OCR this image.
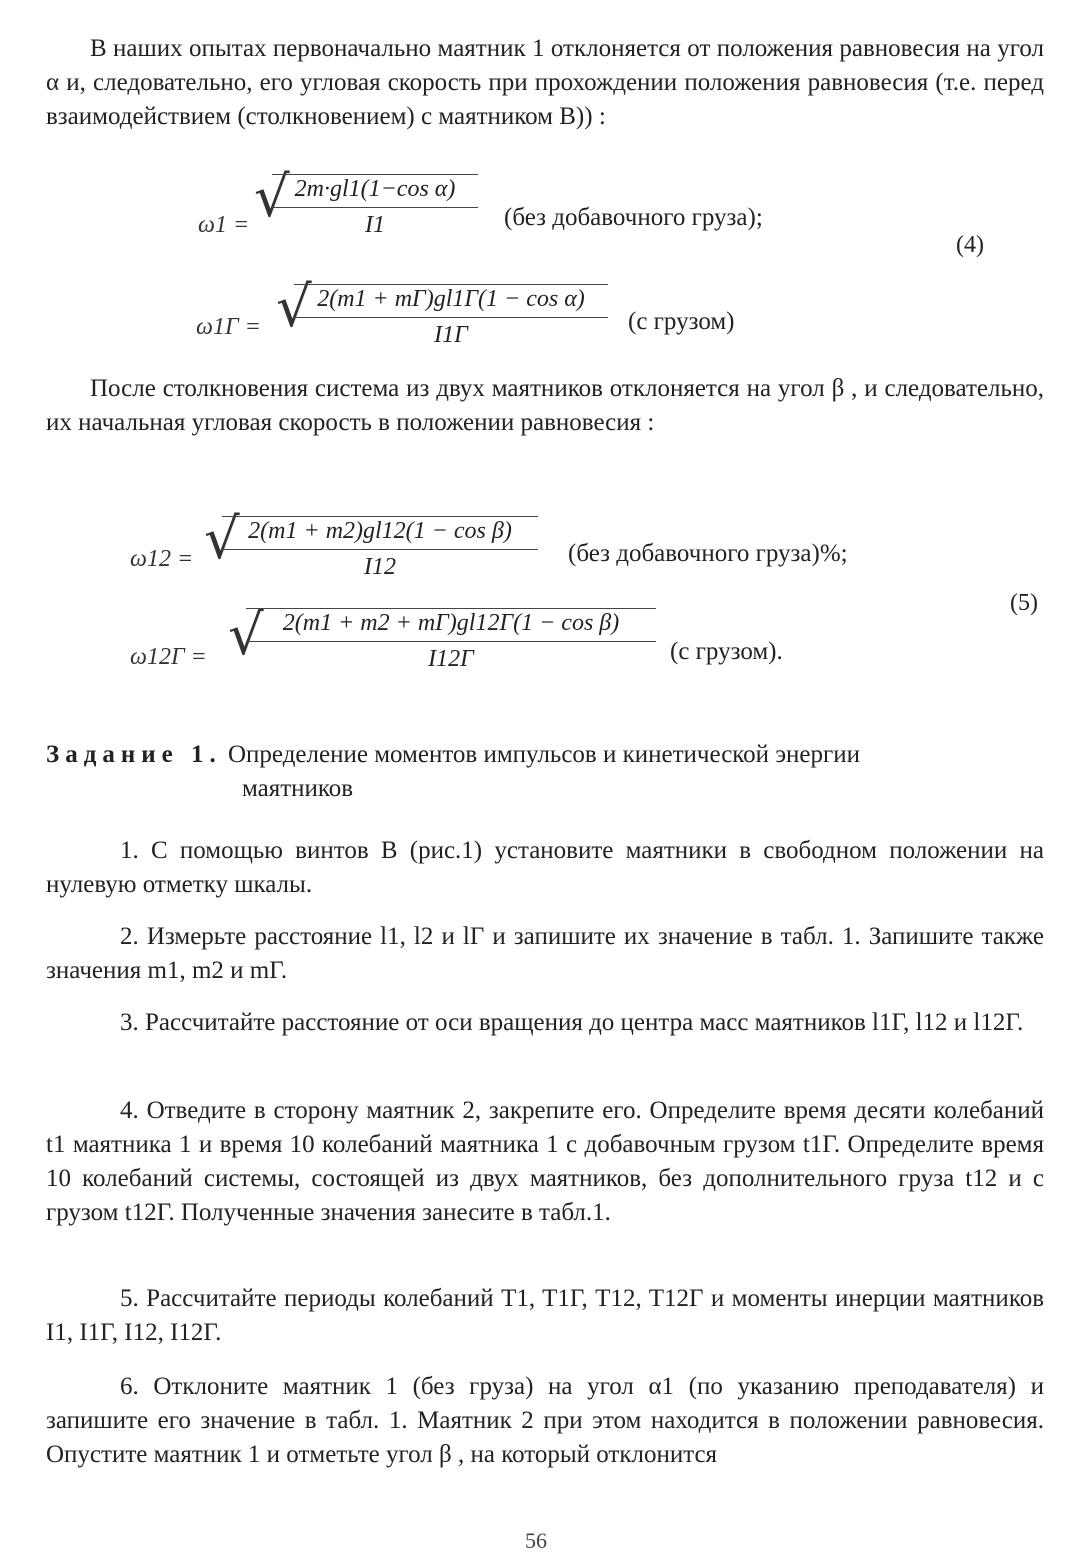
В наших опытах первоначально маятник 1 отклоняется от положения равновесия на угол α и, следовательно, его угловая скорость при прохождении положения равновесия (т.е. перед взаимодействием (столкновением) с маятником В)) :
ω1 = √ 2m·gl1(1−cos α)
I1	(без добавочного груза);
(4)
ω1Г = √ 2(m1 + mГ)gl1Г(1 − cos α)
I1Г	(с грузом)
После столкновения система из двух маятников отклоняется на угол β , и следовательно, их начальная угловая скорость в положении равновесия :
ω12 = √ 2(m1 + m2)gl12(1 − cos β)
I12	(без добавочного груза)%;
(5)
ω12Г = √ 2(m1 + m2 + mГ)gl12Г(1 − cos β)
I12Г	(с грузом).
Задание 1. Определение моментов импульсов и кинетической энергии
маятников
1. С помощью винтов В (рис.1) установите маятники в свободном положении на нулевую отметку шкалы.
2. Измерьте расстояние l1, l2 и lГ и запишите их значение в табл. 1. Запишите также значения m1, m2 и mГ.
3. Рассчитайте расстояние от оси вращения до центра масс маятников l1Г, l12 и l12Г.
4. Отведите в сторону маятник 2, закрепите его. Определите время десяти колебаний t1 маятника 1 и время 10 колебаний маятника 1 с добавочным грузом t1Г. Определите время 10 колебаний системы, состоящей из двух маятников, без дополнительного груза t12 и с грузом t12Г. Полученные значения занесите в табл.1.
5. Рассчитайте периоды колебаний T1, T1Г, T12, T12Г и моменты инерции маятников I1, I1Г, I12, I12Г.
6. Отклоните маятник 1 (без груза) на угол α1 (по указанию преподавателя) и запишите его значение в табл. 1. Маятник 2 при этом находится в положении равновесия. Опустите маятник 1 и отметьте угол β , на который отклонится
56
